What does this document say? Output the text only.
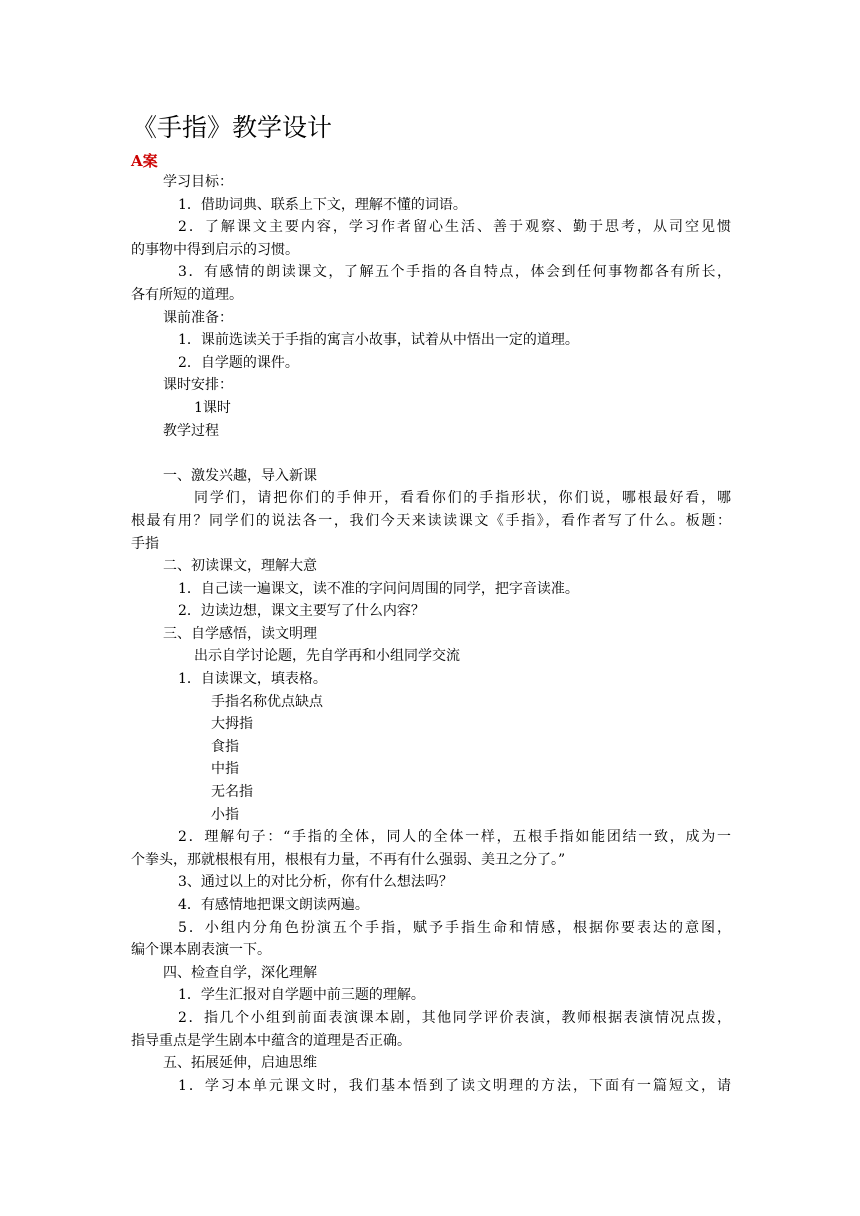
《手指》教学设计
A案
学习目标：
1．借助词典、联系上下文，理解不懂的词语。
2．了解课文主要内容，学习作者留心生活、善于观察、勤于思考，从司空见惯
的事物中得到启示的习惯。
3．有感情的朗读课文，了解五个手指的各自特点，体会到任何事物都各有所长，
各有所短的道理。
课前准备：
1．课前选读关于手指的寓言小故事，试着从中悟出一定的道理。
2．自学题的课件。
课时安排：
1课时
教学过程
一、激发兴趣，导入新课
同学们，请把你们的手伸开，看看你们的手指形状，你们说，哪根最好看，哪
根最有用？同学们的说法各一，我们今天来读读课文《手指》，看作者写了什么。板题：
手指
二、初读课文，理解大意
1．自己读一遍课文，读不准的字问问周围的同学，把字音读准。
2．边读边想，课文主要写了什么内容？
三、自学感悟，读文明理
出示自学讨论题，先自学再和小组同学交流
1．自读课文，填表格。
手指名称优点缺点
大拇指
食指
中指
无名指
小指
2．理解句子：“手指的全体，同人的全体一样，五根手指如能团结一致，成为一
个拳头，那就根根有用，根根有力量，不再有什么强弱、美丑之分了。”
3、通过以上的对比分析，你有什么想法吗？
4．有感情地把课文朗读两遍。
5．小组内分角色扮演五个手指，赋予手指生命和情感，根据你要表达的意图，
编个课本剧表演一下。
四、检查自学，深化理解
1．学生汇报对自学题中前三题的理解。
2．指几个小组到前面表演课本剧，其他同学评价表演，教师根据表演情况点拨，
指导重点是学生剧本中蕴含的道理是否正确。
五、拓展延伸，启迪思维
1．学习本单元课文时，我们基本悟到了读文明理的方法，下面有一篇短文，请
